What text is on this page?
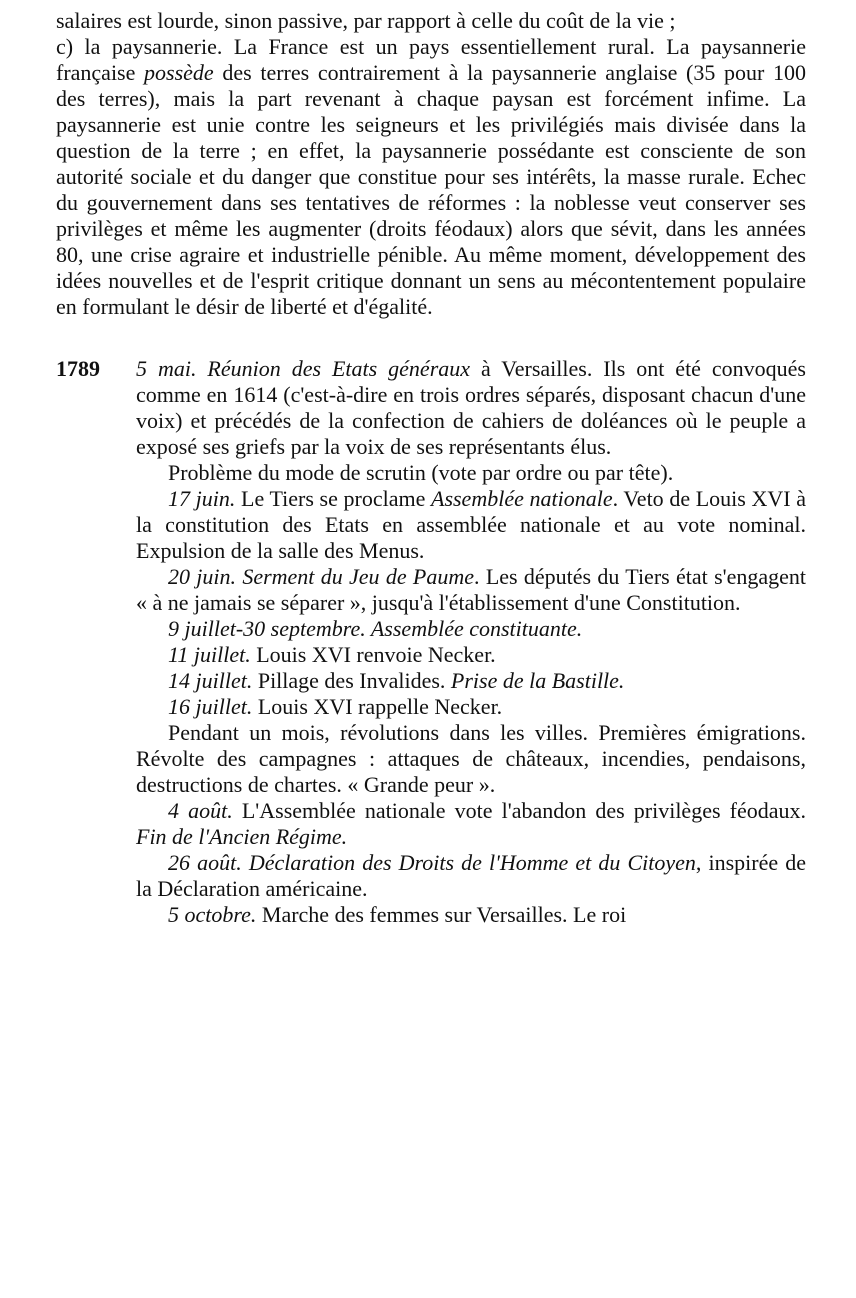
salaires est lourde, sinon passive, par rapport à celle du coût de la vie ;

c) la paysannerie. La France est un pays essentiellement rural. La paysannerie française possède des terres contrairement à la paysannerie anglaise (35 pour 100 des terres), mais la part revenant à chaque paysan est forcément infime. La paysannerie est unie contre les seigneurs et les privilégiés mais divisée dans la question de la terre ; en effet, la paysannerie possédante est consciente de son autorité sociale et du danger que constitue pour ses intérêts, la masse rurale. Echec du gouvernement dans ses tentatives de réformes : la noblesse veut conserver ses privilèges et même les augmenter (droits féodaux) alors que sévit, dans les années 80, une crise agraire et industrielle pénible. Au même moment, développement des idées nouvelles et de l'esprit critique donnant un sens au mécontentement populaire en formulant le désir de liberté et d'égalité.

1789 5 mai. Réunion des Etats généraux à Versailles. Ils ont été convoqués comme en 1614 (c'est-à-dire en trois ordres séparés, disposant chacun d'une voix) et précédés de la confection de cahiers de doléances où le peuple a exposé ses griefs par la voix de ses représentants élus.

Problème du mode de scrutin (vote par ordre ou par tête).

17 juin. Le Tiers se proclame Assemblée nationale. Veto de Louis XVI à la constitution des Etats en assemblée nationale et au vote nominal. Expulsion de la salle des Menus.

20 juin. Serment du Jeu de Paume. Les députés du Tiers état s'engagent « à ne jamais se séparer », jusqu'à l'établissement d'une Constitution.

9 juillet-30 septembre. Assemblée constituante.

11 juillet. Louis XVI renvoie Necker.

14 juillet. Pillage des Invalides. Prise de la Bastille.

16 juillet. Louis XVI rappelle Necker.

Pendant un mois, révolutions dans les villes. Premières émigrations. Révolte des campagnes : attaques de châteaux, incendies, pendaisons, destructions de chartes. « Grande peur ».

4 août. L'Assemblée nationale vote l'abandon des privilèges féodaux. Fin de l'Ancien Régime.

26 août. Déclaration des Droits de l'Homme et du Citoyen, inspirée de la Déclaration américaine.

5 octobre. Marche des femmes sur Versailles. Le roi
